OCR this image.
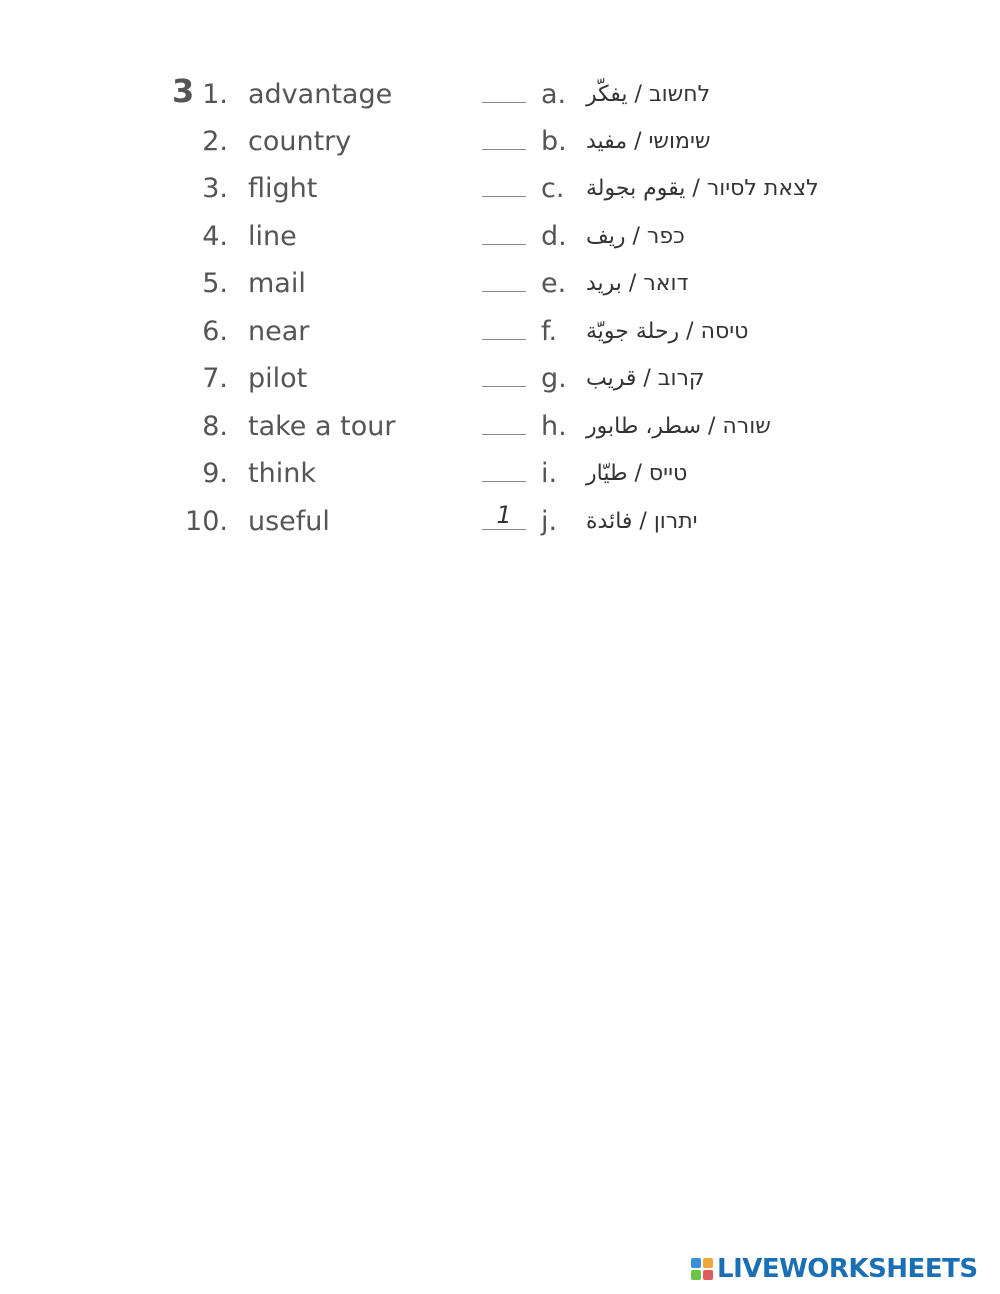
3 1. advantage	a. לחשוב / يفكّر
2. country	b. שימושי / مفيد
3. flight	c. לצאת לסיור / يقوم بجولة
4. line	d. כפר / ريف
5. mail	e. דואר / بريد
6. near	f. טיסה / رحلة جويّة
7. pilot	g. קרוב / قريب
8. take a tour	h. שורה / سطر، طابور
9. think	i. טייס / طيّار
10. useful	1	j. יתרון / فائدة
LIVEWORKSHEETS
